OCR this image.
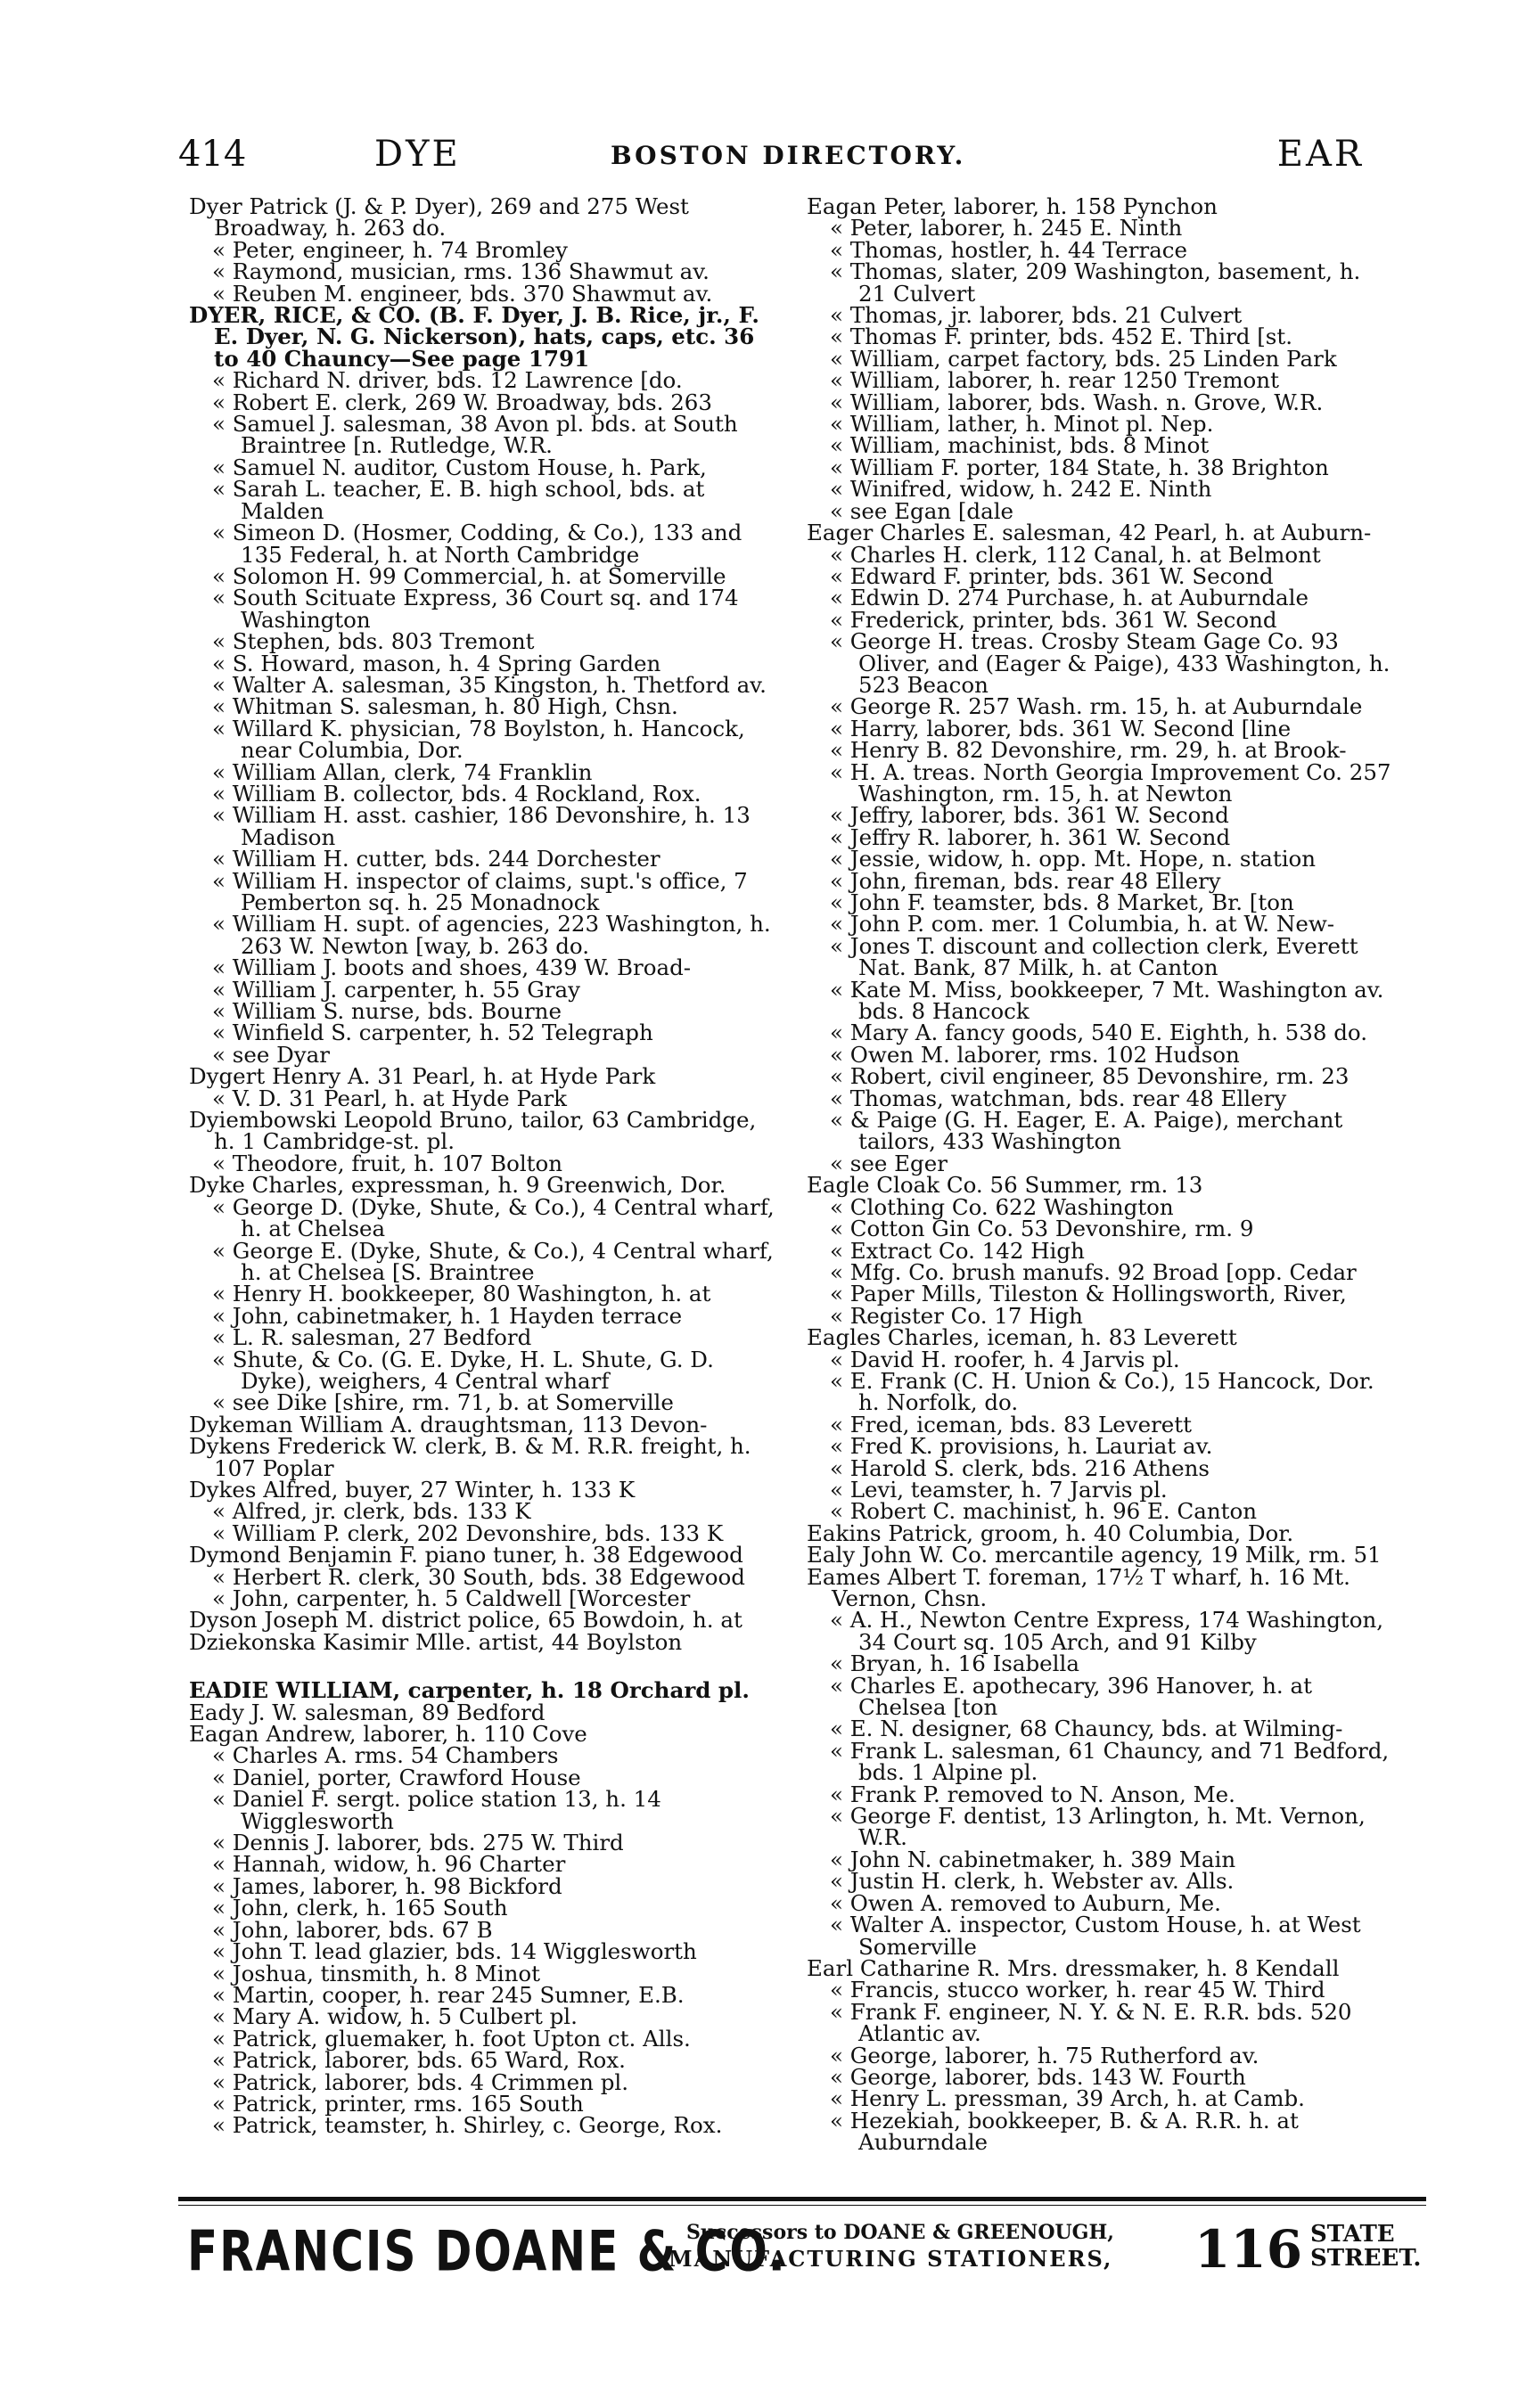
414	DYE	BOSTON DIRECTORY.	EAR
Dyer Patrick (J. & P. Dyer), 269 and 275 West Broadway, h. 263 do.
« Peter, engineer, h. 74 Bromley
« Raymond, musician, rms. 136 Shawmut av.
« Reuben M. engineer, bds. 370 Shawmut av.
DYER, RICE, & CO. (B. F. Dyer, J. B. Rice, jr., F. E. Dyer, N. G. Nickerson), hats, caps, etc. 36 to 40 Chauncy—See page 1791
« Richard N. driver, bds. 12 Lawrence [do.
« Robert E. clerk, 269 W. Broadway, bds. 263
« Samuel J. salesman, 38 Avon pl. bds. at South Braintree [n. Rutledge, W.R.
« Samuel N. auditor, Custom House, h. Park,
« Sarah L. teacher, E. B. high school, bds. at Malden
« Simeon D. (Hosmer, Codding, & Co.), 133 and 135 Federal, h. at North Cambridge
« Solomon H. 99 Commercial, h. at Somerville
« South Scituate Express, 36 Court sq. and 174 Washington
« Stephen, bds. 803 Tremont
« S. Howard, mason, h. 4 Spring Garden
« Walter A. salesman, 35 Kingston, h. Thetford av.
« Whitman S. salesman, h. 80 High, Chsn.
« Willard K. physician, 78 Boylston, h. Hancock, near Columbia, Dor.
« William Allan, clerk, 74 Franklin
« William B. collector, bds. 4 Rockland, Rox.
« William H. asst. cashier, 186 Devonshire, h. 13 Madison
« William H. cutter, bds. 244 Dorchester
« William H. inspector of claims, supt.'s office, 7 Pemberton sq. h. 25 Monadnock
« William H. supt. of agencies, 223 Washington, h. 263 W. Newton [way, b. 263 do.
« William J. boots and shoes, 439 W. Broad-
« William J. carpenter, h. 55 Gray
« William S. nurse, bds. Bourne
« Winfield S. carpenter, h. 52 Telegraph
« see Dyar
Dygert Henry A. 31 Pearl, h. at Hyde Park
« V. D. 31 Pearl, h. at Hyde Park
Dyiembowski Leopold Bruno, tailor, 63 Cambridge, h. 1 Cambridge-st. pl.
« Theodore, fruit, h. 107 Bolton
Dyke Charles, expressman, h. 9 Greenwich, Dor.
« George D. (Dyke, Shute, & Co.), 4 Central wharf, h. at Chelsea
« George E. (Dyke, Shute, & Co.), 4 Central wharf, h. at Chelsea [S. Braintree
« Henry H. bookkeeper, 80 Washington, h. at
« John, cabinetmaker, h. 1 Hayden terrace
« L. R. salesman, 27 Bedford
« Shute, & Co. (G. E. Dyke, H. L. Shute, G. D. Dyke), weighers, 4 Central wharf
« see Dike [shire, rm. 71, b. at Somerville
Dykeman William A. draughtsman, 113 Devon-
Dykens Frederick W. clerk, B. & M. R.R. freight, h. 107 Poplar
Dykes Alfred, buyer, 27 Winter, h. 133 K
« Alfred, jr. clerk, bds. 133 K
« William P. clerk, 202 Devonshire, bds. 133 K
Dymond Benjamin F. piano tuner, h. 38 Edgewood
« Herbert R. clerk, 30 South, bds. 38 Edgewood
« John, carpenter, h. 5 Caldwell [Worcester
Dyson Joseph M. district police, 65 Bowdoin, h. at
Dziekonska Kasimir Mlle. artist, 44 Boylston
EADIE WILLIAM, carpenter, h. 18 Orchard pl.
Eady J. W. salesman, 89 Bedford
Eagan Andrew, laborer, h. 110 Cove
« Charles A. rms. 54 Chambers
« Daniel, porter, Crawford House
« Daniel F. sergt. police station 13, h. 14 Wigglesworth
« Dennis J. laborer, bds. 275 W. Third
« Hannah, widow, h. 96 Charter
« James, laborer, h. 98 Bickford
« John, clerk, h. 165 South
« John, laborer, bds. 67 B
« John T. lead glazier, bds. 14 Wigglesworth
« Joshua, tinsmith, h. 8 Minot
« Martin, cooper, h. rear 245 Sumner, E.B.
« Mary A. widow, h. 5 Culbert pl.
« Patrick, gluemaker, h. foot Upton ct. Alls.
« Patrick, laborer, bds. 65 Ward, Rox.
« Patrick, laborer, bds. 4 Crimmen pl.
« Patrick, printer, rms. 165 South
« Patrick, teamster, h. Shirley, c. George, Rox.
Eagan Peter, laborer, h. 158 Pynchon
« Peter, laborer, h. 245 E. Ninth
« Thomas, hostler, h. 44 Terrace
« Thomas, slater, 209 Washington, basement, h. 21 Culvert
« Thomas, jr. laborer, bds. 21 Culvert
« Thomas F. printer, bds. 452 E. Third [st.
« William, carpet factory, bds. 25 Linden Park
« William, laborer, h. rear 1250 Tremont
« William, laborer, bds. Wash. n. Grove, W.R.
« William, lather, h. Minot pl. Nep.
« William, machinist, bds. 8 Minot
« William F. porter, 184 State, h. 38 Brighton
« Winifred, widow, h. 242 E. Ninth
« see Egan [dale
Eager Charles E. salesman, 42 Pearl, h. at Auburn-
« Charles H. clerk, 112 Canal, h. at Belmont
« Edward F. printer, bds. 361 W. Second
« Edwin D. 274 Purchase, h. at Auburndale
« Frederick, printer, bds. 361 W. Second
« George H. treas. Crosby Steam Gage Co. 93 Oliver, and (Eager & Paige), 433 Washington, h. 523 Beacon
« George R. 257 Wash. rm. 15, h. at Auburndale
« Harry, laborer, bds. 361 W. Second [line
« Henry B. 82 Devonshire, rm. 29, h. at Brook-
« H. A. treas. North Georgia Improvement Co. 257 Washington, rm. 15, h. at Newton
« Jeffry, laborer, bds. 361 W. Second
« Jeffry R. laborer, h. 361 W. Second
« Jessie, widow, h. opp. Mt. Hope, n. station
« John, fireman, bds. rear 48 Ellery
« John F. teamster, bds. 8 Market, Br. [ton
« John P. com. mer. 1 Columbia, h. at W. New-
« Jones T. discount and collection clerk, Everett Nat. Bank, 87 Milk, h. at Canton
« Kate M. Miss, bookkeeper, 7 Mt. Washington av. bds. 8 Hancock
« Mary A. fancy goods, 540 E. Eighth, h. 538 do.
« Owen M. laborer, rms. 102 Hudson
« Robert, civil engineer, 85 Devonshire, rm. 23
« Thomas, watchman, bds. rear 48 Ellery
« & Paige (G. H. Eager, E. A. Paige), merchant tailors, 433 Washington
« see Eger
Eagle Cloak Co. 56 Summer, rm. 13
« Clothing Co. 622 Washington
« Cotton Gin Co. 53 Devonshire, rm. 9
« Extract Co. 142 High
« Mfg. Co. brush manufs. 92 Broad [opp. Cedar
« Paper Mills, Tileston & Hollingsworth, River,
« Register Co. 17 High
Eagles Charles, iceman, h. 83 Leverett
« David H. roofer, h. 4 Jarvis pl.
« E. Frank (C. H. Union & Co.), 15 Hancock, Dor. h. Norfolk, do.
« Fred, iceman, bds. 83 Leverett
« Fred K. provisions, h. Lauriat av.
« Harold S. clerk, bds. 216 Athens
« Levi, teamster, h. 7 Jarvis pl.
« Robert C. machinist, h. 96 E. Canton
Eakins Patrick, groom, h. 40 Columbia, Dor.
Ealy John W. Co. mercantile agency, 19 Milk, rm. 51
Eames Albert T. foreman, 17½ T wharf, h. 16 Mt. Vernon, Chsn.
« A. H., Newton Centre Express, 174 Washington, 34 Court sq. 105 Arch, and 91 Kilby
« Bryan, h. 16 Isabella
« Charles E. apothecary, 396 Hanover, h. at Chelsea [ton
« E. N. designer, 68 Chauncy, bds. at Wilming-
« Frank L. salesman, 61 Chauncy, and 71 Bedford, bds. 1 Alpine pl.
« Frank P. removed to N. Anson, Me.
« George F. dentist, 13 Arlington, h. Mt. Vernon, W.R.
« John N. cabinetmaker, h. 389 Main
« Justin H. clerk, h. Webster av. Alls.
« Owen A. removed to Auburn, Me.
« Walter A. inspector, Custom House, h. at West Somerville
Earl Catharine R. Mrs. dressmaker, h. 8 Kendall
« Francis, stucco worker, h. rear 45 W. Third
« Frank F. engineer, N. Y. & N. E. R.R. bds. 520 Atlantic av.
« George, laborer, h. 75 Rutherford av.
« George, laborer, bds. 143 W. Fourth
« Henry L. pressman, 39 Arch, h. at Camb.
« Hezekiah, bookkeeper, B. & A. R.R. h. at Auburndale
FRANCIS DOANE & CO.
Successors to DOANE & GREENOUGH,
MANUFACTURING STATIONERS, 116 STATE
STREET.
